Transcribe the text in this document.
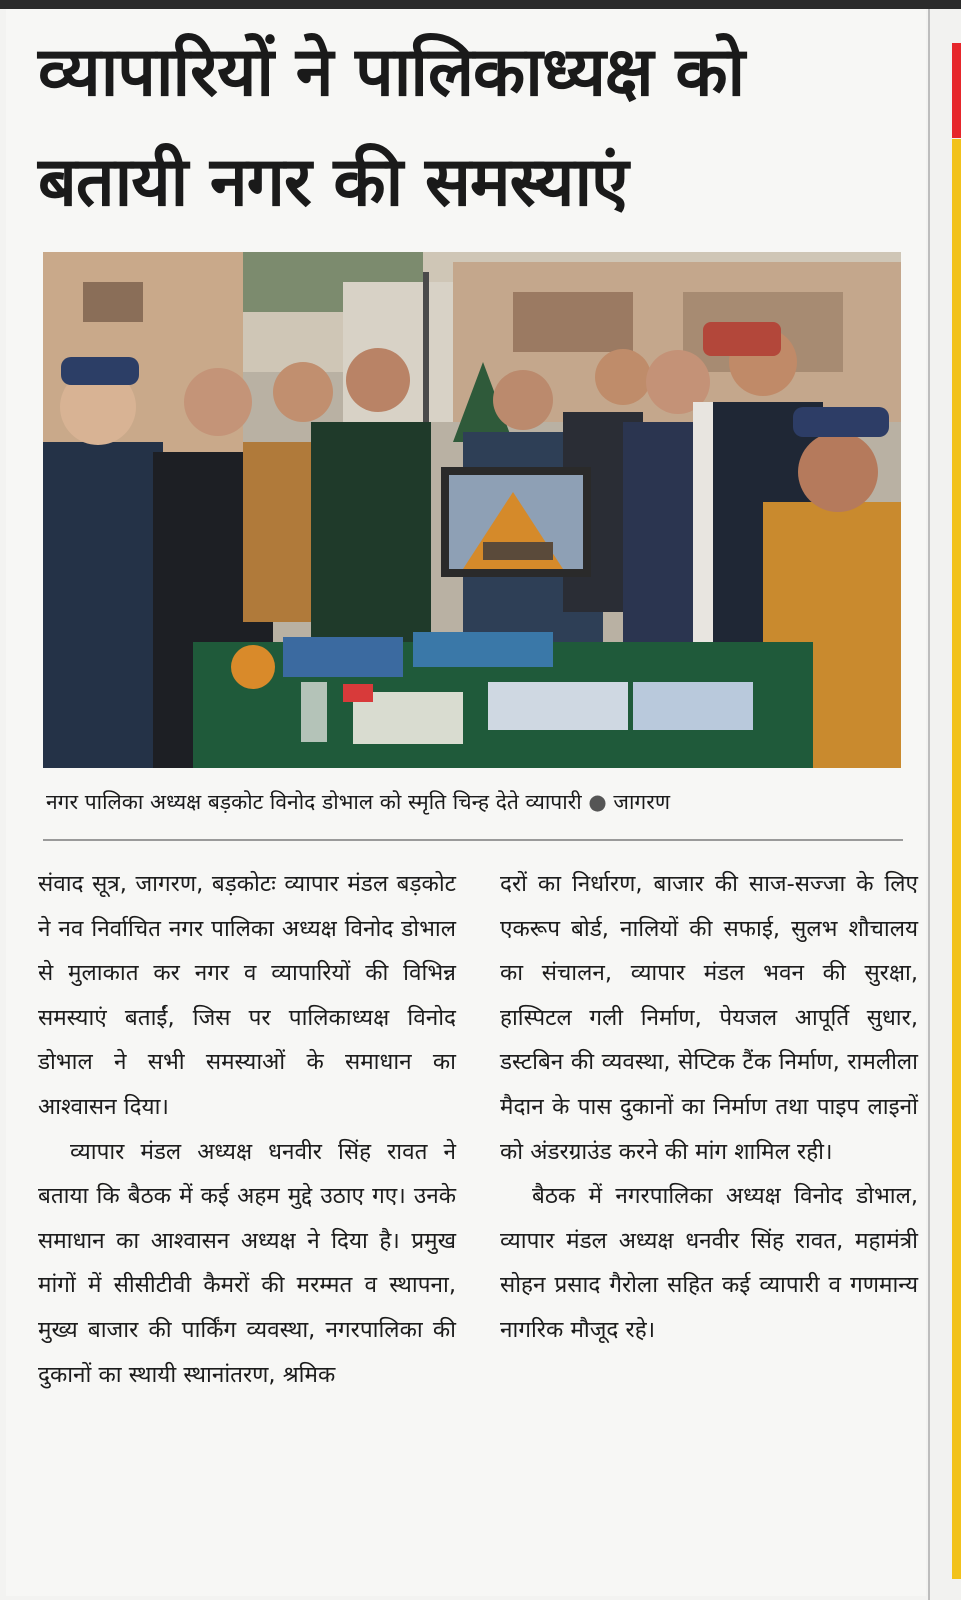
व्यापारियों ने पालिकाध्यक्ष को
बतायी नगर की समस्याएं

नगर पालिका अध्यक्ष बड़कोट विनोद डोभाल को स्मृति चिन्ह देते व्यापारी ● जागरण

संवाद सूत्र, जागरण, बड़कोटः व्यापार मंडल बड़कोट ने नव निर्वाचित नगर पालिका अध्यक्ष विनोद डोभाल से मुलाकात कर नगर व व्यापारियों की विभिन्न समस्याएं बताईं, जिस पर पालिकाध्यक्ष विनोद डोभाल ने सभी समस्याओं के समाधान का आश्वासन दिया।

व्यापार मंडल अध्यक्ष धनवीर सिंह रावत ने बताया कि बैठक में कई अहम मुद्दे उठाए गए। उनके समाधान का आश्वासन अध्यक्ष ने दिया है। प्रमुख मांगों में सीसीटीवी कैमरों की मरम्मत व स्थापना, मुख्य बाजार की पार्किंग व्यवस्था, नगरपालिका की दुकानों का स्थायी स्थानांतरण, श्रमिक

दरों का निर्धारण, बाजार की साज-सज्जा के लिए एकरूप बोर्ड, नालियों की सफाई, सुलभ शौचालय का संचालन, व्यापार मंडल भवन की सुरक्षा, हास्पिटल गली निर्माण, पेयजल आपूर्ति सुधार, डस्टबिन की व्यवस्था, सेप्टिक टैंक निर्माण, रामलीला मैदान के पास दुकानों का निर्माण तथा पाइप लाइनों को अंडरग्राउंड करने की मांग शामिल रही।

बैठक में नगरपालिका अध्यक्ष विनोद डोभाल, व्यापार मंडल अध्यक्ष धनवीर सिंह रावत, महामंत्री सोहन प्रसाद गैरोला सहित कई व्यापारी व गणमान्य नागरिक मौजूद रहे।
